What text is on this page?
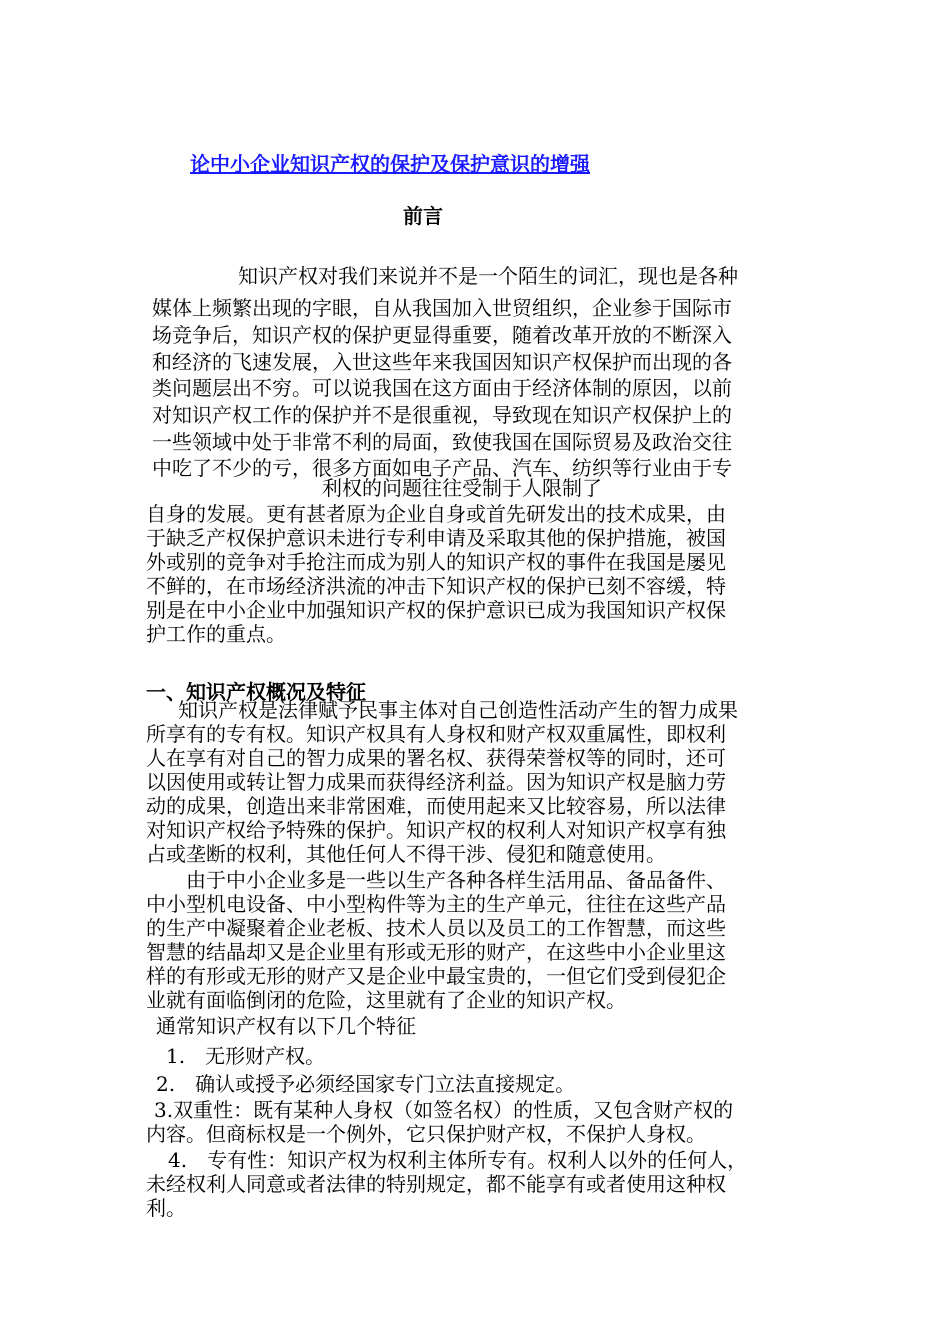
论中小企业知识产权的保护及保护意识的增强
前言
知识产权对我们来说并不是一个陌生的词汇，现也是各种
媒体上频繁出现的字眼，自从我国加入世贸组织，企业参于国际市
场竞争后，知识产权的保护更显得重要，随着改革开放的不断深入
和经济的飞速发展，入世这些年来我国因知识产权保护而出现的各
类问题层出不穷。可以说我国在这方面由于经济体制的原因，以前
对知识产权工作的保护并不是很重视，导致现在知识产权保护上的
一些领域中处于非常不利的局面，致使我国在国际贸易及政治交往
中吃了不少的亏，很多方面如电子产品、汽车、纺织等行业由于专
利权的问题往往受制于人限制了
自身的发展。更有甚者原为企业自身或首先研发出的技术成果，由
于缺乏产权保护意识未进行专利申请及采取其他的保护措施，被国
外或别的竞争对手抢注而成为别人的知识产权的事件在我国是屡见
不鲜的，在市场经济洪流的冲击下知识产权的保护已刻不容缓，特
别是在中小企业中加强知识产权的保护意识已成为我国知识产权保
护工作的重点。
一、知识产权概况及特征
知识产权是法律赋予民事主体对自己创造性活动产生的智力成果
所享有的专有权。知识产权具有人身权和财产权双重属性，即权利
人在享有对自己的智力成果的署名权、获得荣誉权等的同时，还可
以因使用或转让智力成果而获得经济利益。因为知识产权是脑力劳
动的成果，创造出来非常困难，而使用起来又比较容易，所以法律
对知识产权给予特殊的保护。知识产权的权利人对知识产权享有独
占或垄断的权利，其他任何人不得干涉、侵犯和随意使用。
由于中小企业多是一些以生产各种各样生活用品、备品备件、
中小型机电设备、中小型构件等为主的生产单元，往往在这些产品
的生产中凝聚着企业老板、技术人员以及员工的工作智慧，而这些
智慧的结晶却又是企业里有形或无形的财产，在这些中小企业里这
样的有形或无形的财产又是企业中最宝贵的，一但它们受到侵犯企
业就有面临倒闭的危险，这里就有了企业的知识产权。
通常知识产权有以下几个特征
1.　无形财产权。
2.　确认或授予必须经国家专门立法直接规定。
3.双重性：既有某种人身权（如签名权）的性质，又包含财产权的
内容。但商标权是一个例外，它只保护财产权，不保护人身权。
4.　专有性：知识产权为权利主体所专有。权利人以外的任何人，
未经权利人同意或者法律的特别规定，都不能享有或者使用这种权
利。
